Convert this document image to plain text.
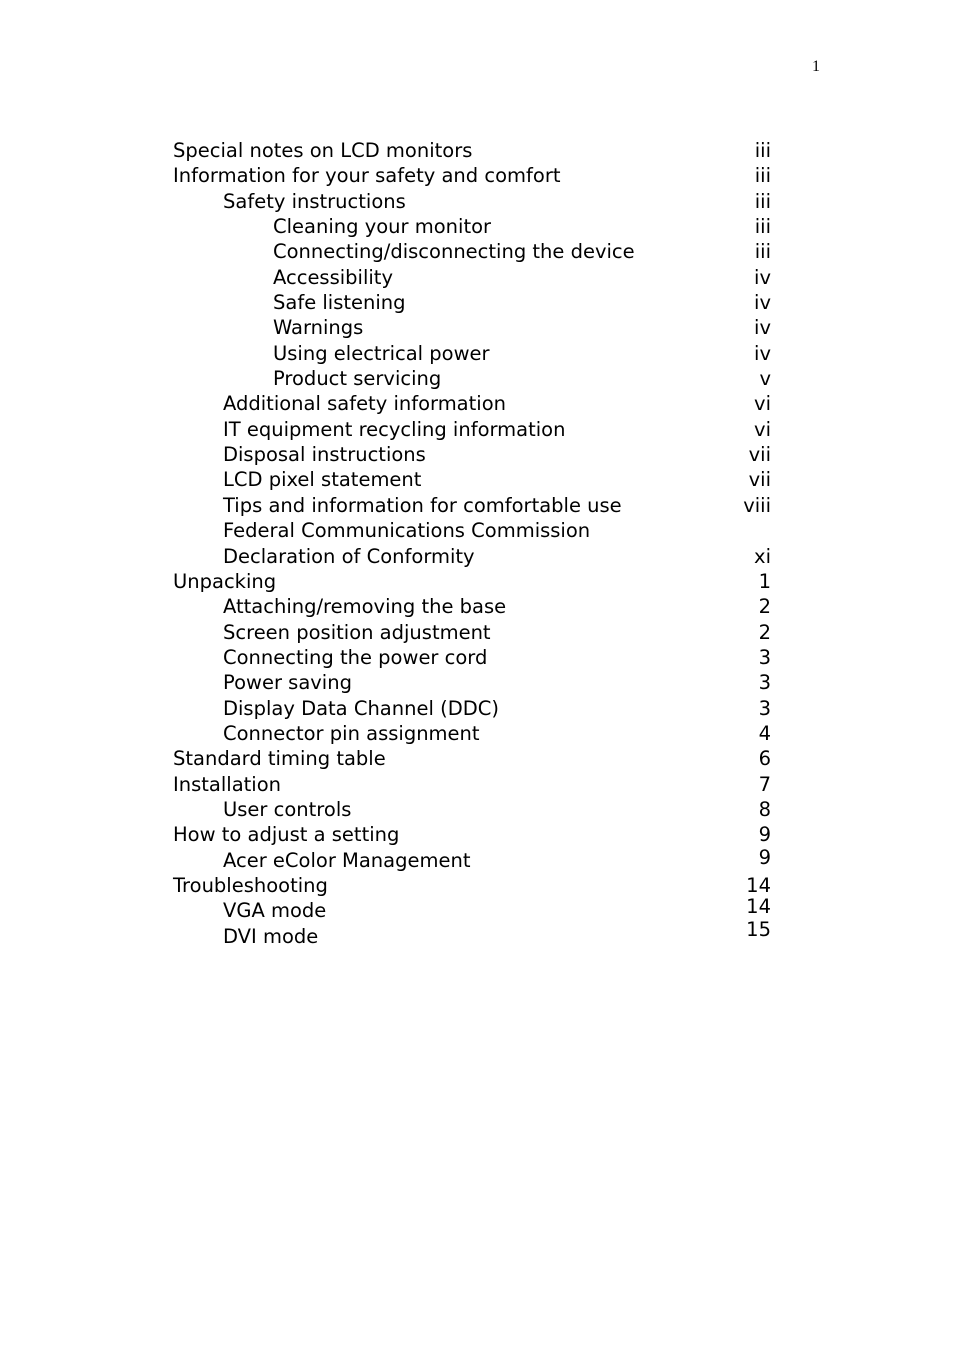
1
Special notes on LCD monitors	iii
Information for your safety and comfort	iii
Safety instructions	iii
Cleaning your monitor	iii
Connecting/disconnecting the device	iii
Accessibility	iv
Safe listening	iv
Warnings	iv
Using electrical power	iv
Product servicing	v
Additional safety information	vi
IT equipment recycling information	vi
Disposal instructions	vii
LCD pixel statement	vii
Tips and information for comfortable use	viii
Federal Communications Commission
Declaration of Conformity	xi
Unpacking	1
Attaching/removing the base	2
Screen position adjustment	2
Connecting the power cord	3
Power saving	3
Display Data Channel (DDC)	3
Connector pin assignment	4
Standard timing table	6
Installation	7
User controls	8
How to adjust a setting	9
Acer eColor Management	9
Troubleshooting	14
VGA mode	14
DVI mode	15
